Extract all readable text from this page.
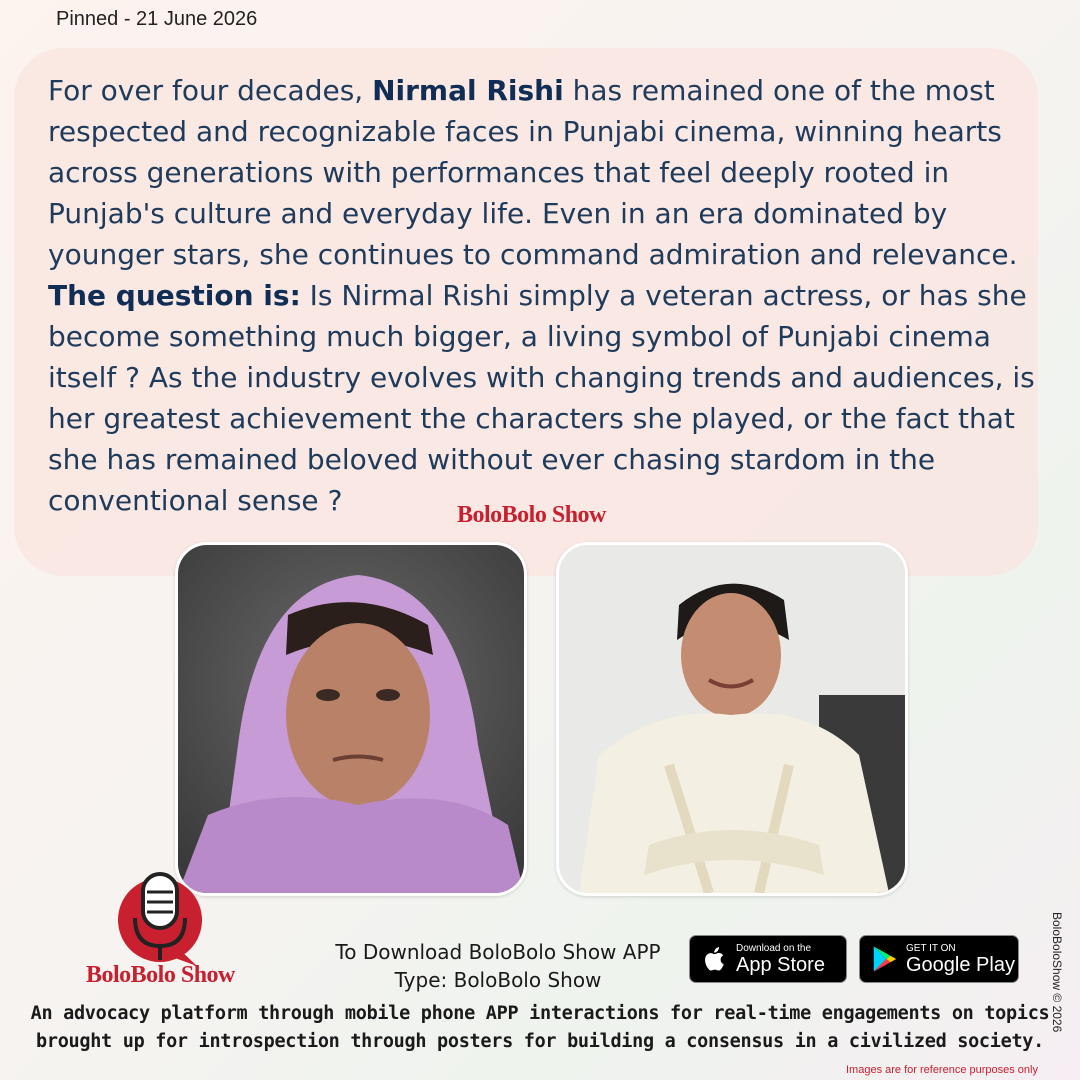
Pinned - 21 June 2026
For over four decades, Nirmal Rishi has remained one of the most respected and recognizable faces in Punjabi cinema, winning hearts across generations with performances that feel deeply rooted in Punjab's culture and everyday life. Even in an era dominated by younger stars, she continues to command admiration and relevance.
The question is: Is Nirmal Rishi simply a veteran actress, or has she become something much bigger, a living symbol of Punjabi cinema itself ? As the industry evolves with changing trends and audiences, is her greatest achievement the characters she played, or the fact that she has remained beloved without ever chasing stardom in the conventional sense ?	BoloBolo Show
BoloBolo Show
To Download BoloBolo Show APP
Type: BoloBolo Show
Download on the
App Store
GET IT ON
Google Play
An advocacy platform through mobile phone APP interactions for real-time engagements on topics brought up for introspection through posters for building a consensus in a civilized society.
BoloBoloShow © 2026
Images are for reference purposes only
